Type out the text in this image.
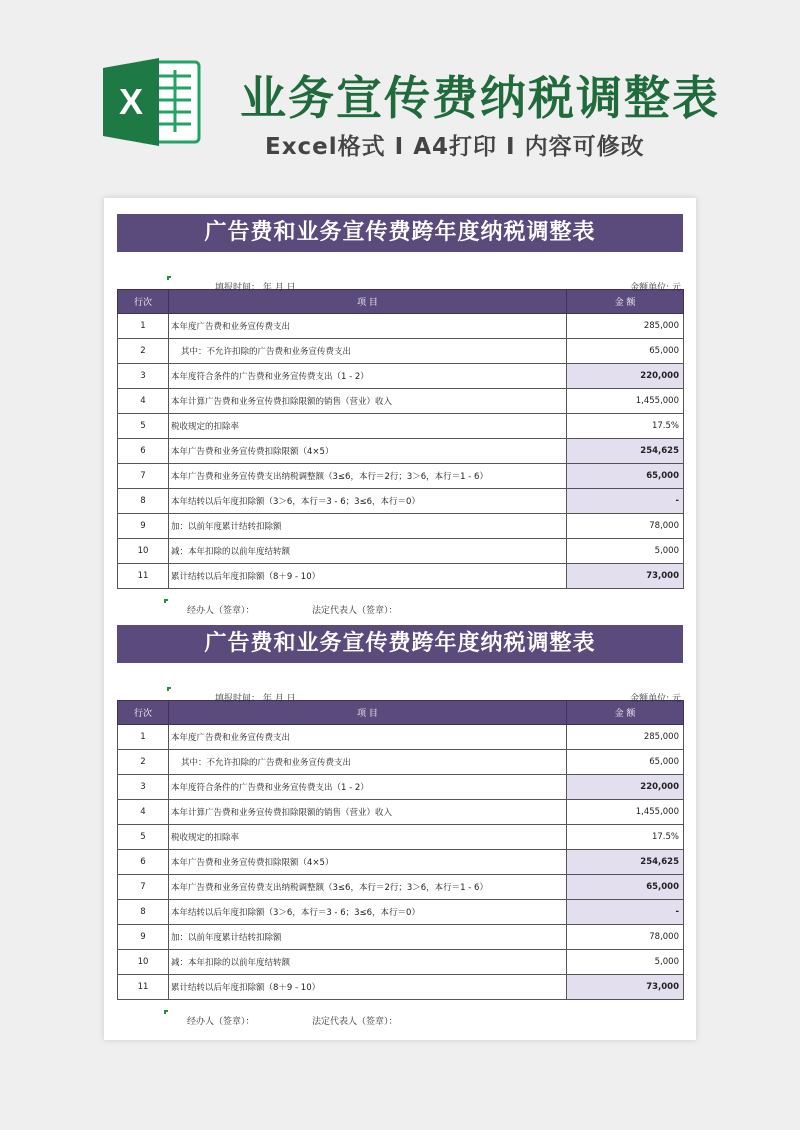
X 业务宣传费纳税调整表
Excel格式 I A4打印 I 内容可修改
广告费和业务宣传费跨年度纳税调整表
填报时间： 年 月 日	金额单位: 元
行次	项 目	金 额
1	本年度广告费和业务宣传费支出	285,000
2	其中：不允许扣除的广告费和业务宣传费支出	65,000
3	本年度符合条件的广告费和业务宣传费支出（1 - 2）	220,000
4	本年计算广告费和业务宣传费扣除限额的销售（营业）收入	1,455,000
5	税收规定的扣除率	17.5%
6	本年广告费和业务宣传费扣除限额（4×5）	254,625
7	本年广告费和业务宣传费支出纳税调整额（3≤6，本行＝2行；3＞6，本行＝1 - 6）	65,000
8	本年结转以后年度扣除额（3＞6，本行＝3 - 6；3≤6，本行＝0）	-
9	加：以前年度累计结转扣除额	78,000
10	减：本年扣除的以前年度结转额	5,000
11	累计结转以后年度扣除额（8＋9 - 10）	73,000
经办人（签章）：	法定代表人（签章）：
广告费和业务宣传费跨年度纳税调整表
填报时间： 年 月 日	金额单位: 元
行次	项 目	金 额
1	本年度广告费和业务宣传费支出	285,000
2	其中：不允许扣除的广告费和业务宣传费支出	65,000
3	本年度符合条件的广告费和业务宣传费支出（1 - 2）	220,000
4	本年计算广告费和业务宣传费扣除限额的销售（营业）收入	1,455,000
5	税收规定的扣除率	17.5%
6	本年广告费和业务宣传费扣除限额（4×5）	254,625
7	本年广告费和业务宣传费支出纳税调整额（3≤6，本行＝2行；3＞6，本行＝1 - 6）	65,000
8	本年结转以后年度扣除额（3＞6，本行＝3 - 6；3≤6，本行＝0）	-
9	加：以前年度累计结转扣除额	78,000
10	减：本年扣除的以前年度结转额	5,000
11	累计结转以后年度扣除额（8＋9 - 10）	73,000
经办人（签章）：	法定代表人（签章）：
